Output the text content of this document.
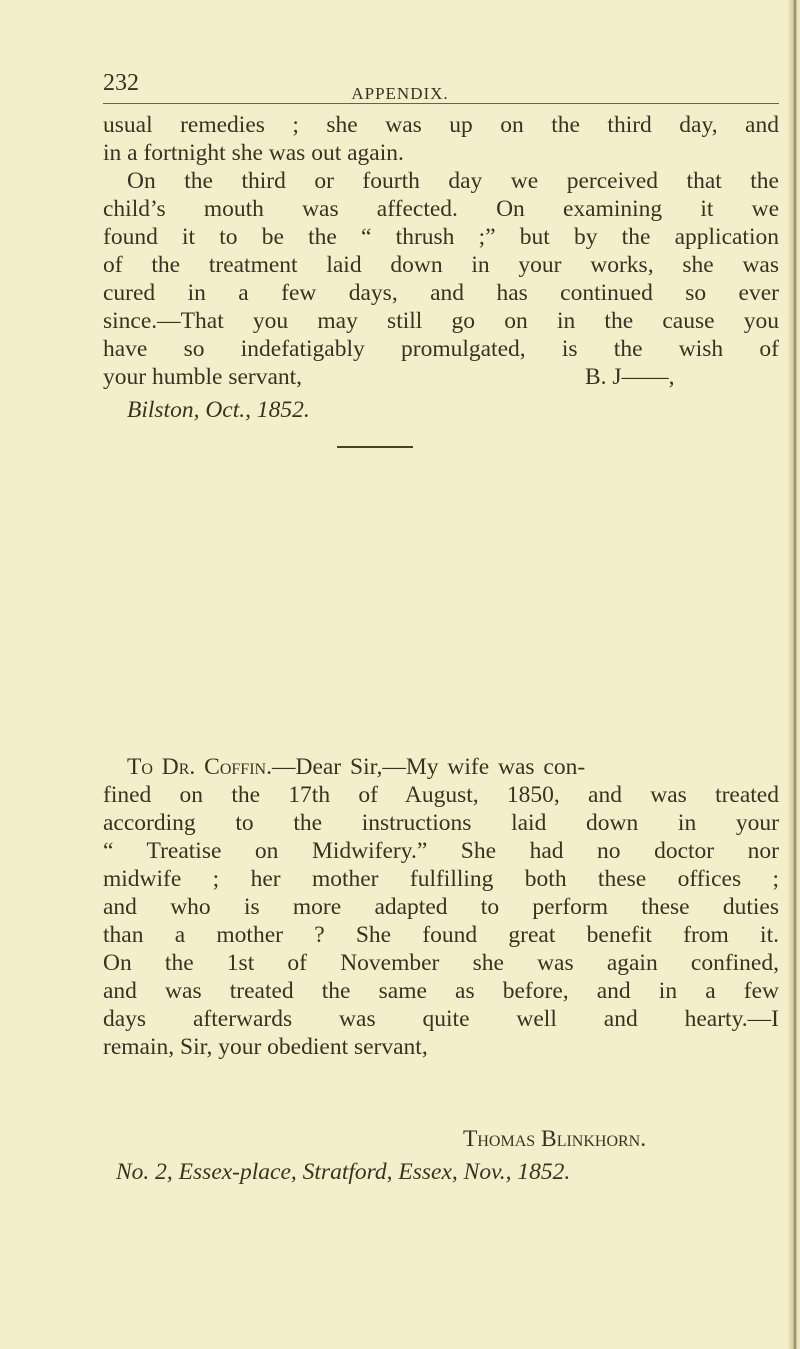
232	APPENDIX.
usual remedies ; she was up on the third day, and
in a fortnight she was out again.
On the third or fourth day we perceived that the
child’s mouth was affected. On examining it we
found it to be the “ thrush ;” but by the application
of the treatment laid down in your works, she was
cured in a few days, and has continued so ever
since.—That you may still go on in the cause you
have so indefatigably promulgated, is the wish of
your humble servant,	B. J——,
Bilston, Oct., 1852.
To Dr. Coffin.—Dear Sir,—My wife was con-
fined on the 17th of August, 1850, and was treated
according to the instructions laid down in your
“ Treatise on Midwifery.” She had no doctor nor
midwife ; her mother fulfilling both these offices ;
and who is more adapted to perform these duties
than a mother ? She found great benefit from it.
On the 1st of November she was again confined,
and was treated the same as before, and in a few
days afterwards was quite well and hearty.—I
remain, Sir, your obedient servant,
Thomas Blinkhorn.
No. 2, Essex-place, Stratford, Essex, Nov., 1852.
